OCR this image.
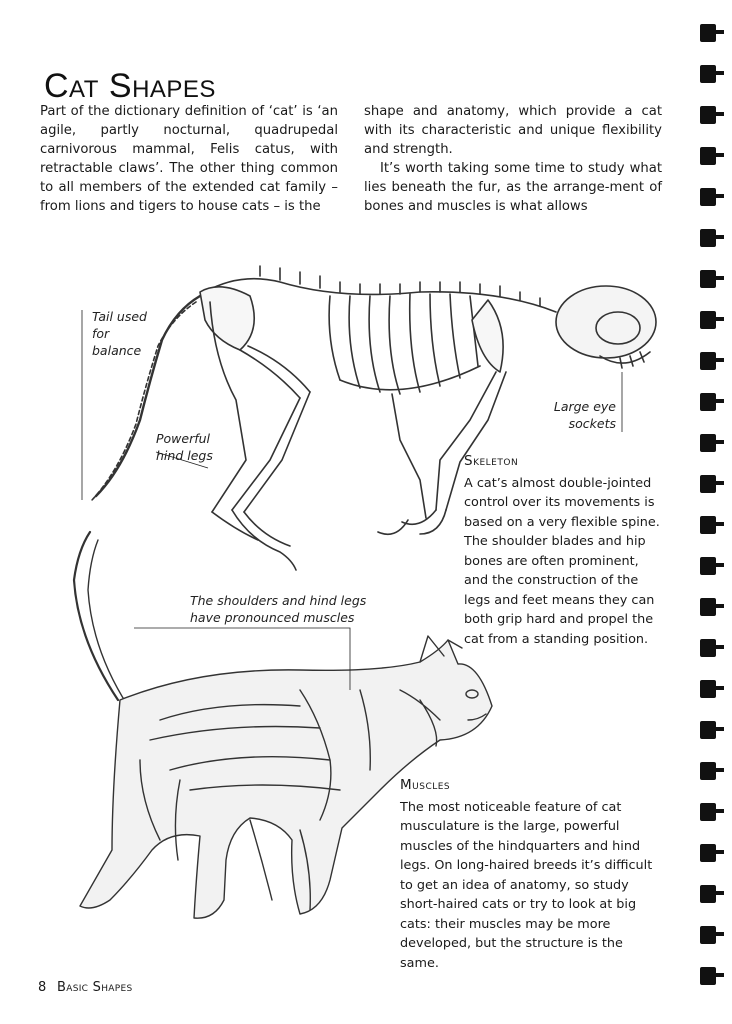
Cat Shapes

Part of the dictionary definition of ‘cat’ is ‘an agile, partly nocturnal, quadrupedal carnivorous mammal, Felis catus, with retractable claws’. The other thing common to all members of the extended cat family – from lions and tigers to house cats – is the

shape and anatomy, which provide a cat with its characteristic and unique flexibility and strength.

It’s worth taking some time to study what lies beneath the fur, as the arrange-ment of bones and muscles is what allows

Tail used for balance
Powerful hind legs
Large eye sockets
The shoulders and hind legs have pronounced muscles
Skeleton

A cat’s almost double-jointed control over its movements is based on a very flexible spine. The shoulder blades and hip bones are often prominent, and the construction of the legs and feet means they can both grip hard and propel the cat from a standing position.

Muscles

The most noticeable feature of cat musculature is the large, powerful muscles of the hindquarters and hind legs. On long-haired breeds it’s difficult to get an idea of anatomy, so study short-haired cats or try to look at big cats: their muscles may be more developed, but the structure is the same.

8 Basic Shapes
